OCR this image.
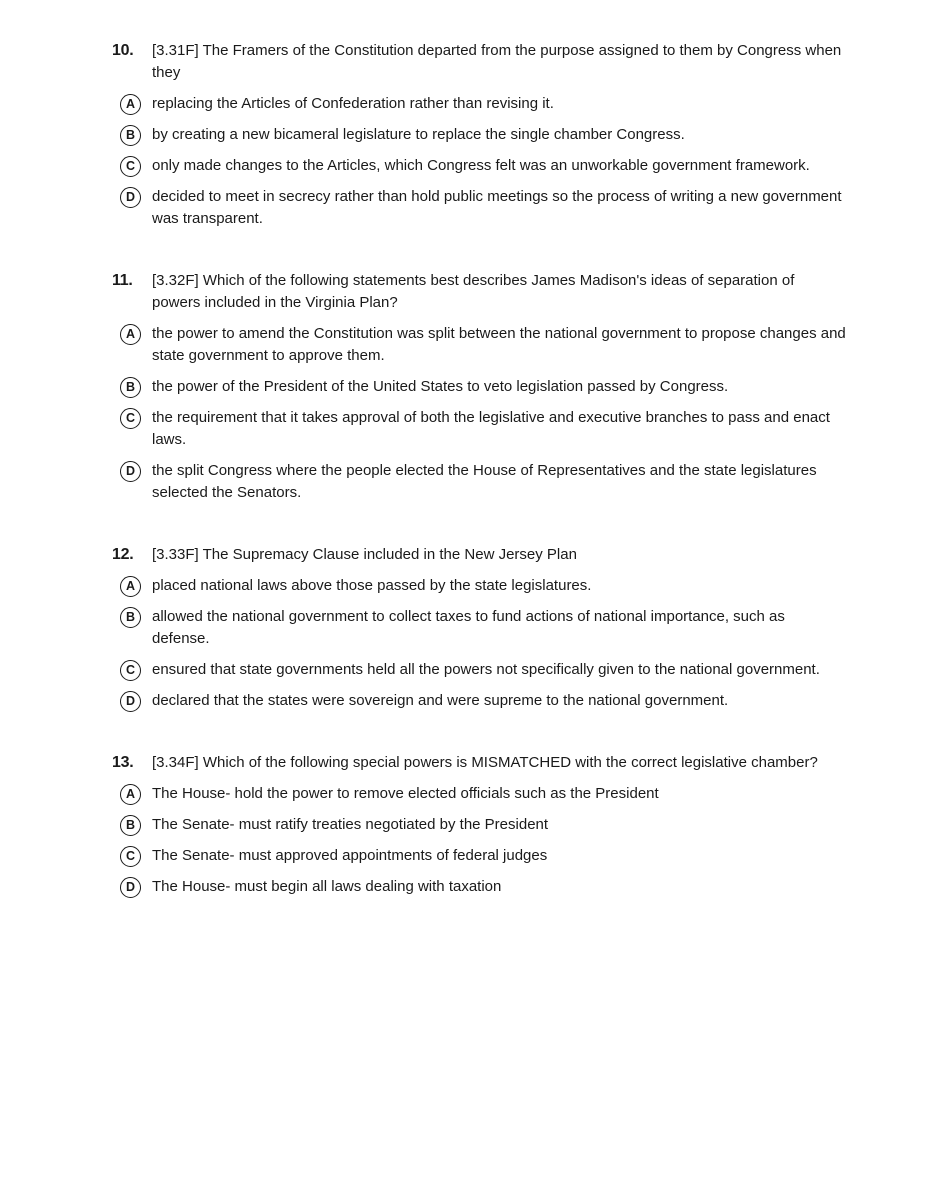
10.	[3.31F] The Framers of the Constitution departed from the purpose assigned to them by Congress when they
A	replacing the Articles of Confederation rather than revising it.
B	by creating a new bicameral legislature to replace the single chamber Congress.
C	only made changes to the Articles, which Congress felt was an unworkable government framework.
D	decided to meet in secrecy rather than hold public meetings so the process of writing a new government was transparent.
11.	[3.32F] Which of the following statements best describes James Madison's ideas of separation of powers included in the Virginia Plan?
A	the power to amend the Constitution was split between the national government to propose changes and state government to approve them.
B	the power of the President of the United States to veto legislation passed by Congress.
C	the requirement that it takes approval of both the legislative and executive branches to pass and enact laws.
D	the split Congress where the people elected the House of Representatives and the state legislatures selected the Senators.
12.	[3.33F] The Supremacy Clause included in the New Jersey Plan
A	placed national laws above those passed by the state legislatures.
B	allowed the national government to collect taxes to fund actions of national importance, such as defense.
C	ensured that state governments held all the powers not specifically given to the national government.
D	declared that the states were sovereign and were supreme to the national government.
13.	[3.34F] Which of the following special powers is MISMATCHED with the correct legislative chamber?
A	The House- hold the power to remove elected officials such as the President
B	The Senate- must ratify treaties negotiated by the President
C	The Senate- must approved appointments of federal judges
D	The House- must begin all laws dealing with taxation
